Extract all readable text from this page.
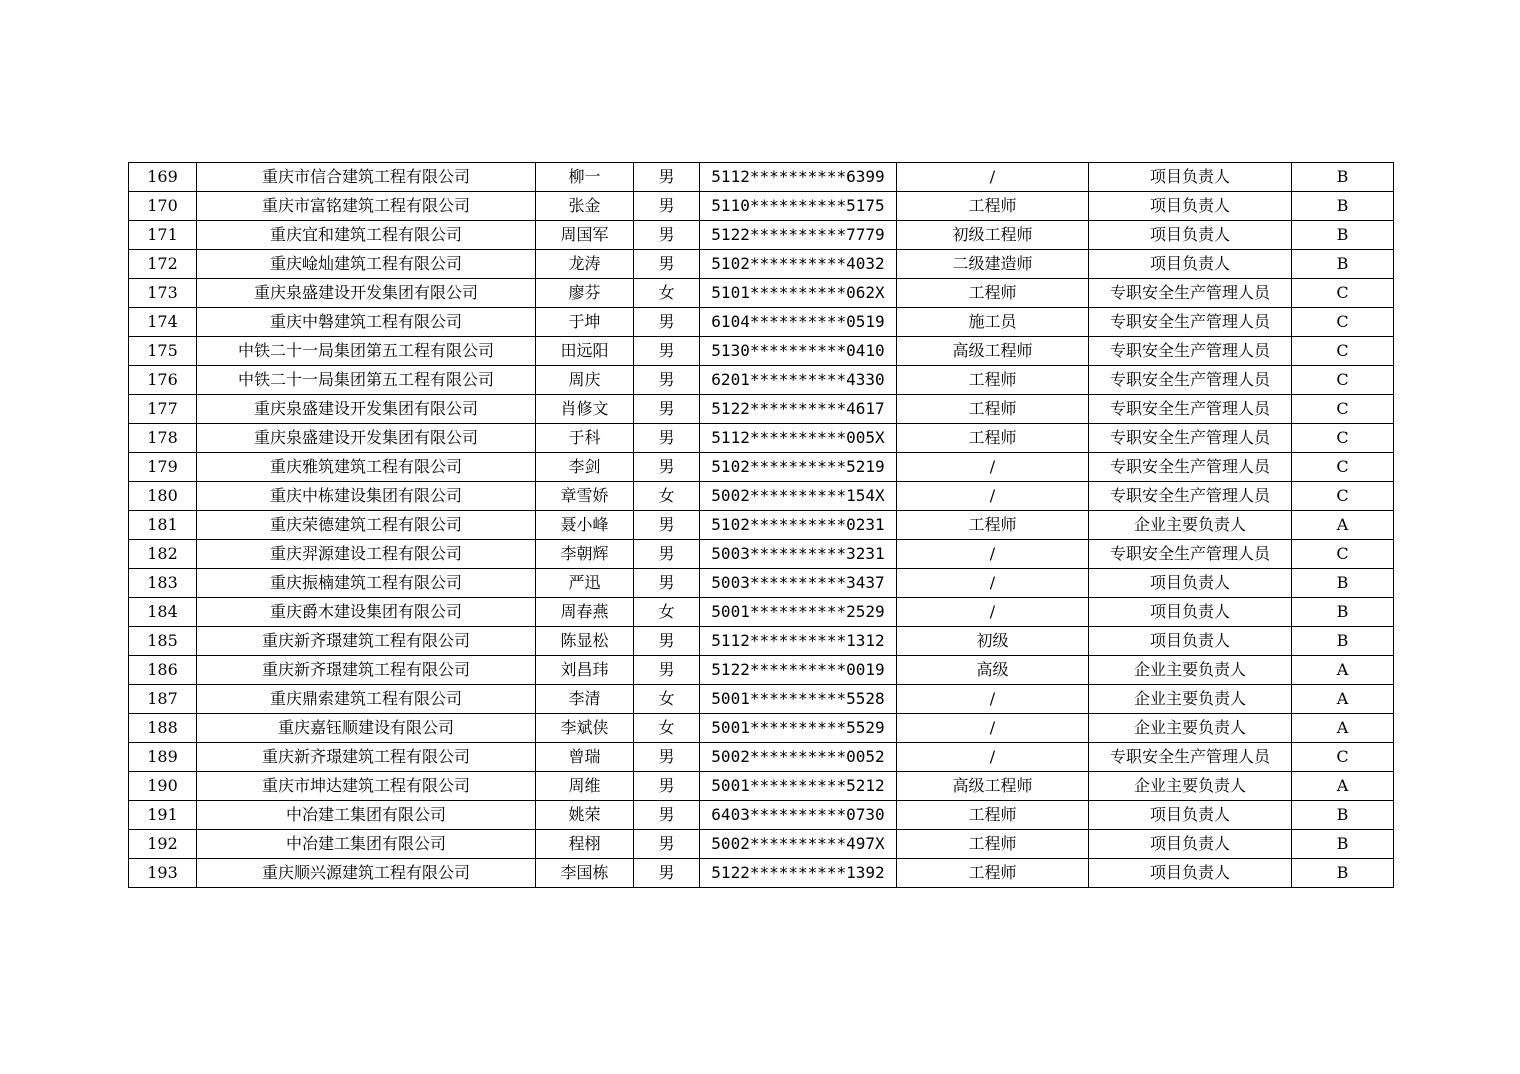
169	重庆市信合建筑工程有限公司	柳一	男	5112**********6399	/	项目负责人	B
170	重庆市富铭建筑工程有限公司	张金	男	5110**********5175	工程师	项目负责人	B
171	重庆宜和建筑工程有限公司	周国军	男	5122**********7779	初级工程师	项目负责人	B
172	重庆崯灿建筑工程有限公司	龙涛	男	5102**********4032	二级建造师	项目负责人	B
173	重庆泉盛建设开发集团有限公司	廖芬	女	5101**********062X	工程师	专职安全生产管理人员	C
174	重庆中磐建筑工程有限公司	于坤	男	6104**********0519	施工员	专职安全生产管理人员	C
175	中铁二十一局集团第五工程有限公司	田远阳	男	5130**********0410	高级工程师	专职安全生产管理人员	C
176	中铁二十一局集团第五工程有限公司	周庆	男	6201**********4330	工程师	专职安全生产管理人员	C
177	重庆泉盛建设开发集团有限公司	肖修文	男	5122**********4617	工程师	专职安全生产管理人员	C
178	重庆泉盛建设开发集团有限公司	于科	男	5112**********005X	工程师	专职安全生产管理人员	C
179	重庆雅筑建筑工程有限公司	李剑	男	5102**********5219	/	专职安全生产管理人员	C
180	重庆中栋建设集团有限公司	章雪娇	女	5002**********154X	/	专职安全生产管理人员	C
181	重庆荣德建筑工程有限公司	聂小峰	男	5102**********0231	工程师	企业主要负责人	A
182	重庆羿源建设工程有限公司	李朝辉	男	5003**********3231	/	专职安全生产管理人员	C
183	重庆振楠建筑工程有限公司	严迅	男	5003**********3437	/	项目负责人	B
184	重庆爵木建设集团有限公司	周春燕	女	5001**********2529	/	项目负责人	B
185	重庆新齐璟建筑工程有限公司	陈显松	男	5112**********1312	初级	项目负责人	B
186	重庆新齐璟建筑工程有限公司	刘昌玮	男	5122**********0019	高级	企业主要负责人	A
187	重庆鼎索建筑工程有限公司	李清	女	5001**********5528	/	企业主要负责人	A
188	重庆嘉钰顺建设有限公司	李斌侠	女	5001**********5529	/	企业主要负责人	A
189	重庆新齐璟建筑工程有限公司	曾瑞	男	5002**********0052	/	专职安全生产管理人员	C
190	重庆市坤达建筑工程有限公司	周维	男	5001**********5212	高级工程师	企业主要负责人	A
191	中冶建工集团有限公司	姚荣	男	6403**********0730	工程师	项目负责人	B
192	中冶建工集团有限公司	程栩	男	5002**********497X	工程师	项目负责人	B
193	重庆顺兴源建筑工程有限公司	李国栋	男	5122**********1392	工程师	项目负责人	B
